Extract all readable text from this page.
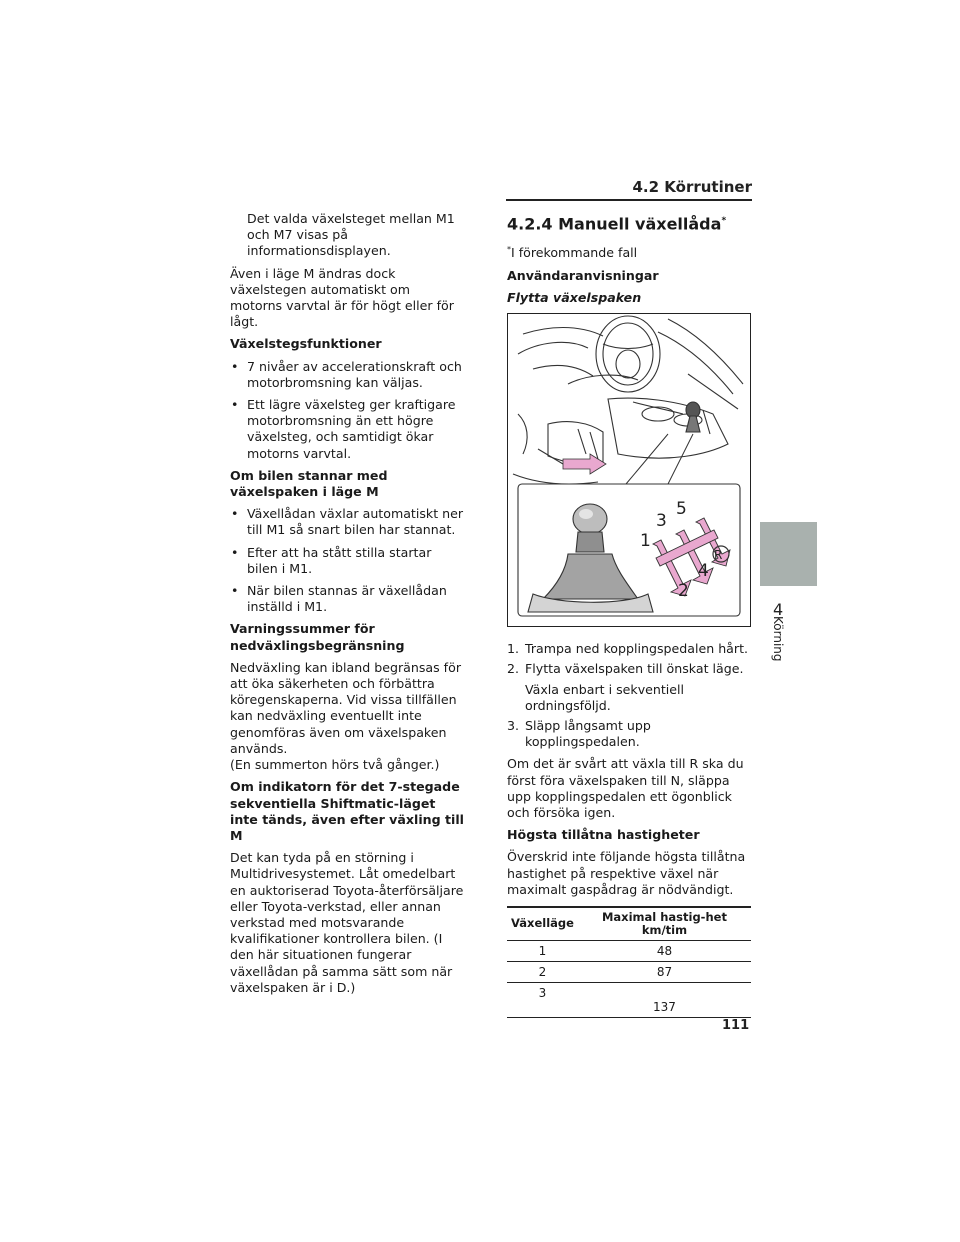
4.2 Körrutiner
4
Körning

Det valda växelsteget mellan M1 och M7 visas på informationsdisplayen.

Även i läge M ändras dock växelstegen automatiskt om motorns varvtal är för högt eller för lågt.

Växelstegsfunktioner

• 7 nivåer av accelerationskraft och motorbromsning kan väljas.
• Ett lägre växelsteg ger kraftigare motorbromsning än ett högre växelsteg, och samtidigt ökar motorns varvtal.

Om bilen stannar med växelspaken i läge M

• Växellådan växlar automatiskt ner till M1 så snart bilen har stannat.
• Efter att ha stått stilla startar bilen i M1.
• När bilen stannas är växellådan inställd i M1.

Varningssummer för nedväxlingsbegränsning

Nedväxling kan ibland begränsas för att öka säkerheten och förbättra köregenskaperna. Vid vissa tillfällen kan nedväxling eventuellt inte genomföras även om växelspaken används.

(En summerton hörs två gånger.)

Om indikatorn för det 7-stegade sekventiella Shiftmatic-läget inte tänds, även efter växling till M

Det kan tyda på en störning i Multidrivesystemet. Låt omedelbart en auktoriserad Toyota-återförsäljare eller Toyota-verkstad, eller annan verkstad med motsvarande kvalifikationer kontrollera bilen. (I den här situationen fungerar växellådan på samma sätt som när växelspaken är i D.)

4.2.4 Manuell växellåda*

*I förekommande fall

Användaranvisningar

Flytta växelspaken

1
3
5
2
4
R
1. Trampa ned kopplingspedalen hårt.
2. Flytta växelspaken till önskat läge.
Växla enbart i sekventiell ordningsföljd.
3. Släpp långsamt upp kopplingspedalen.

Om det är svårt att växla till R ska du först föra växelspaken till N, släppa upp kopplingspedalen ett ögonblick och försöka igen.

Högsta tillåtna hastigheter

Överskrid inte följande högsta tillåtna hastighet på respektive växel när maximalt gaspådrag är nödvändigt.

Växelläge	Maximal hastig-het km/tim
1	48
2	87
3	137
111
